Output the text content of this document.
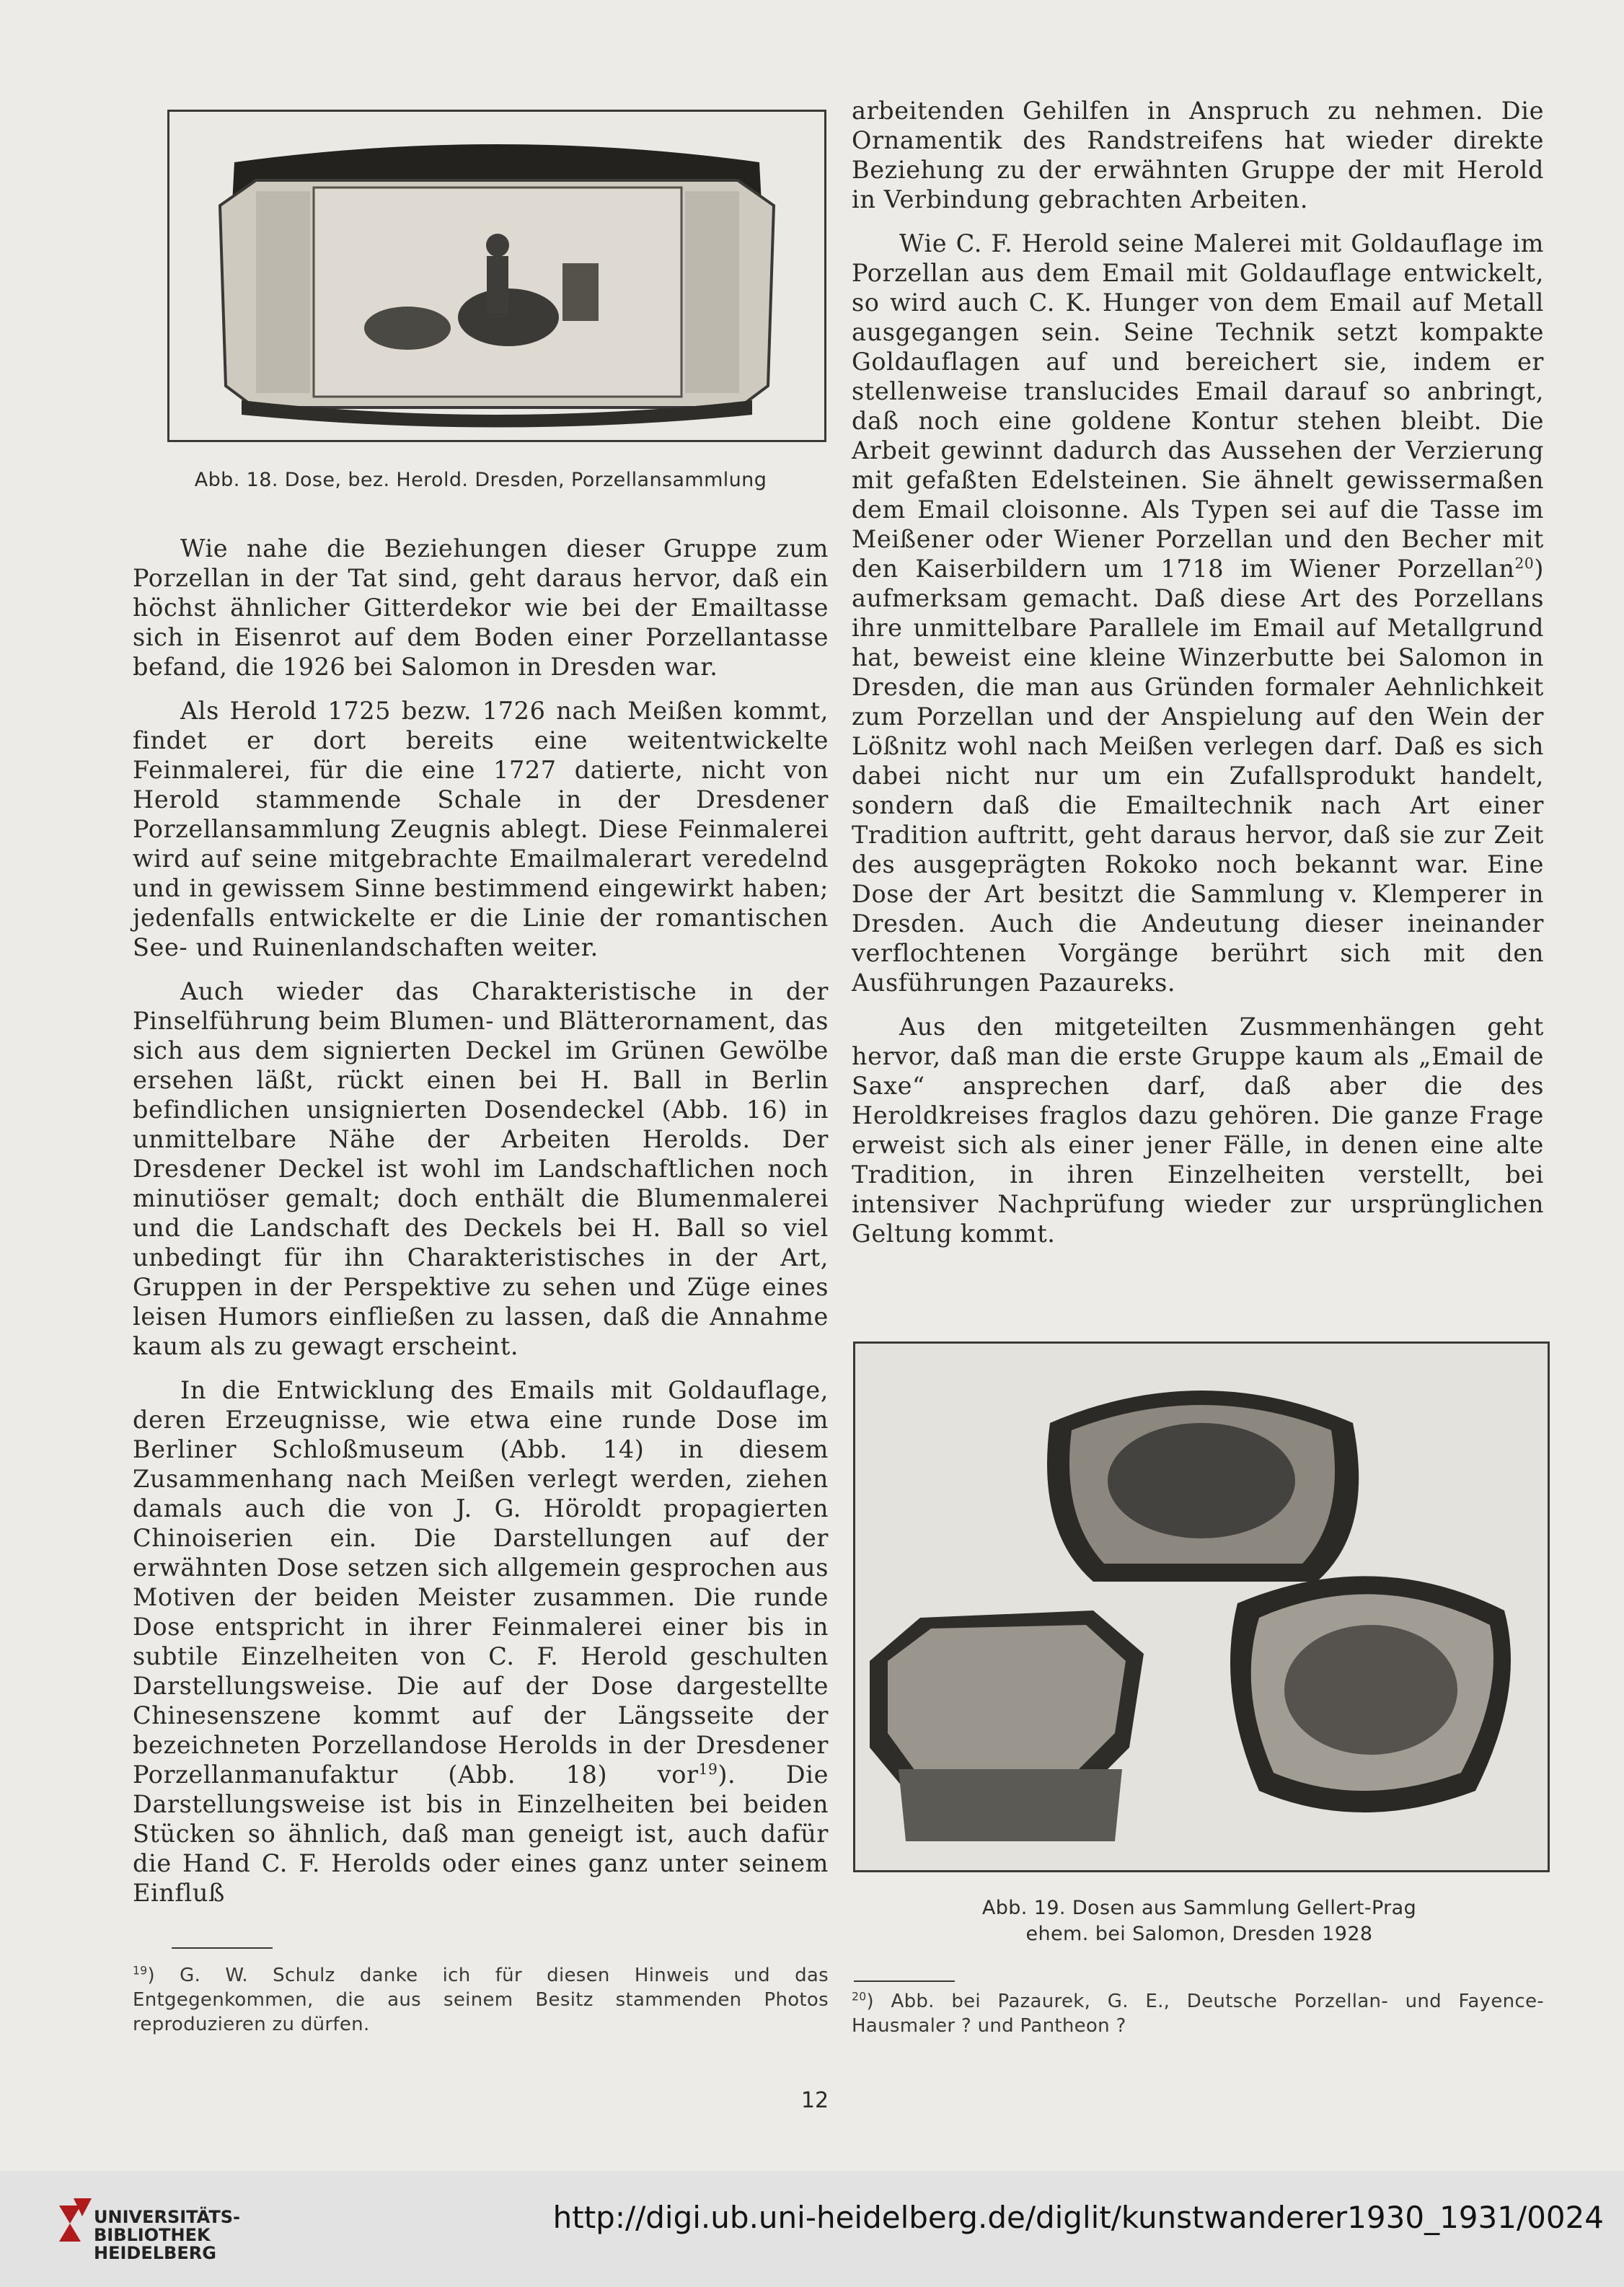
Abb. 18. Dose, bez. Herold. Dresden, Porzellansammlung

Wie nahe die Beziehungen dieser Gruppe zum Porzellan in der Tat sind, geht daraus hervor, daß ein höchst ähnlicher Gitterdekor wie bei der Emailtasse sich in Eisenrot auf dem Boden einer Porzellantasse befand, die 1926 bei Salomon in Dresden war.

Als Herold 1725 bezw. 1726 nach Meißen kommt, findet er dort bereits eine weitentwickelte Feinmalerei, für die eine 1727 datierte, nicht von Herold stammende Schale in der Dresdener Porzellansammlung Zeugnis ablegt. Diese Feinmalerei wird auf seine mitgebrachte Emailmalerart veredelnd und in gewissem Sinne bestimmend eingewirkt haben; jedenfalls entwickelte er die Linie der romantischen See- und Ruinenlandschaften weiter.

Auch wieder das Charakteristische in der Pinselführung beim Blumen- und Blätterornament, das sich aus dem signierten Deckel im Grünen Gewölbe ersehen läßt, rückt einen bei H. Ball in Berlin befindlichen unsignierten Dosendeckel (Abb. 16) in unmittelbare Nähe der Arbeiten Herolds. Der Dresdener Deckel ist wohl im Landschaftlichen noch minutiöser gemalt; doch enthält die Blumenmalerei und die Landschaft des Deckels bei H. Ball so viel unbedingt für ihn Charakteristisches in der Art, Gruppen in der Perspektive zu sehen und Züge eines leisen Humors einfließen zu lassen, daß die Annahme kaum als zu gewagt erscheint.

In die Entwicklung des Emails mit Goldauflage, deren Erzeugnisse, wie etwa eine runde Dose im Berliner Schloßmuseum (Abb. 14) in diesem Zusammenhang nach Meißen verlegt werden, ziehen damals auch die von J. G. Höroldt propagierten Chinoiserien ein. Die Darstellungen auf der erwähnten Dose setzen sich allgemein gesprochen aus Motiven der beiden Meister zusammen. Die runde Dose entspricht in ihrer Feinmalerei einer bis in subtile Einzelheiten von C. F. Herold geschulten Darstellungsweise. Die auf der Dose dargestellte Chinesenszene kommt auf der Längsseite der bezeichneten Porzellandose Herolds in der Dresdener Porzellanmanufaktur (Abb. 18) vor$^{19}$). Die Darstellungsweise ist bis in Einzelheiten bei beiden Stücken so ähnlich, daß man geneigt ist, auch dafür die Hand C. F. Herolds oder eines ganz unter seinem Einfluß

arbeitenden Gehilfen in Anspruch zu nehmen. Die Ornamentik des Randstreifens hat wieder direkte Beziehung zu der erwähnten Gruppe der mit Herold in Verbindung gebrachten Arbeiten.

Wie C. F. Herold seine Malerei mit Goldauflage im Porzellan aus dem Email mit Goldauflage entwickelt, so wird auch C. K. Hunger von dem Email auf Metall ausgegangen sein. Seine Technik setzt kompakte Goldauflagen auf und bereichert sie, indem er stellenweise translucides Email darauf so anbringt, daß noch eine goldene Kontur stehen bleibt. Die Arbeit gewinnt dadurch das Aussehen der Verzierung mit gefaßten Edelsteinen. Sie ähnelt gewissermaßen dem Email cloisonne. Als Typen sei auf die Tasse im Meißener oder Wiener Porzellan und den Becher mit den Kaiserbildern um 1718 im Wiener Porzellan$^{20}$) aufmerksam gemacht. Daß diese Art des Porzellans ihre unmittelbare Parallele im Email auf Metallgrund hat, beweist eine kleine Winzerbutte bei Salomon in Dresden, die man aus Gründen formaler Aehnlichkeit zum Porzellan und der Anspielung auf den Wein der Lößnitz wohl nach Meißen verlegen darf. Daß es sich dabei nicht nur um ein Zufallsprodukt handelt, sondern daß die Emailtechnik nach Art einer Tradition auftritt, geht daraus hervor, daß sie zur Zeit des ausgeprägten Rokoko noch bekannt war. Eine Dose der Art besitzt die Sammlung v. Klemperer in Dresden. Auch die Andeutung dieser ineinander verflochtenen Vorgänge berührt sich mit den Ausführungen Pazaureks.

Aus den mitgeteilten Zusmmenhängen geht hervor, daß man die erste Gruppe kaum als „Email de Saxe“ ansprechen darf, daß aber die des Heroldkreises fraglos dazu gehören. Die ganze Frage erweist sich als einer jener Fälle, in denen eine alte Tradition, in ihren Einzelheiten verstellt, bei intensiver Nachprüfung wieder zur ursprünglichen Geltung kommt.

Abb. 19. Dosen aus Sammlung Gellert-Prag
ehem. bei Salomon, Dresden 1928
$^{19}$) G. W. Schulz danke ich für diesen Hinweis und das Entgegenkommen, die aus seinem Besitz stammenden Photos reproduzieren zu dürfen.
$^{20}$) Abb. bei Pazaurek, G. E., Deutsche Porzellan- und Fayence-Hausmaler ? und Pantheon ?
12
UNIVERSITÄTS-
BIBLIOTHEK
HEIDELBERG
http://digi.ub.uni-heidelberg.de/diglit/kunstwanderer1930_1931/0024
